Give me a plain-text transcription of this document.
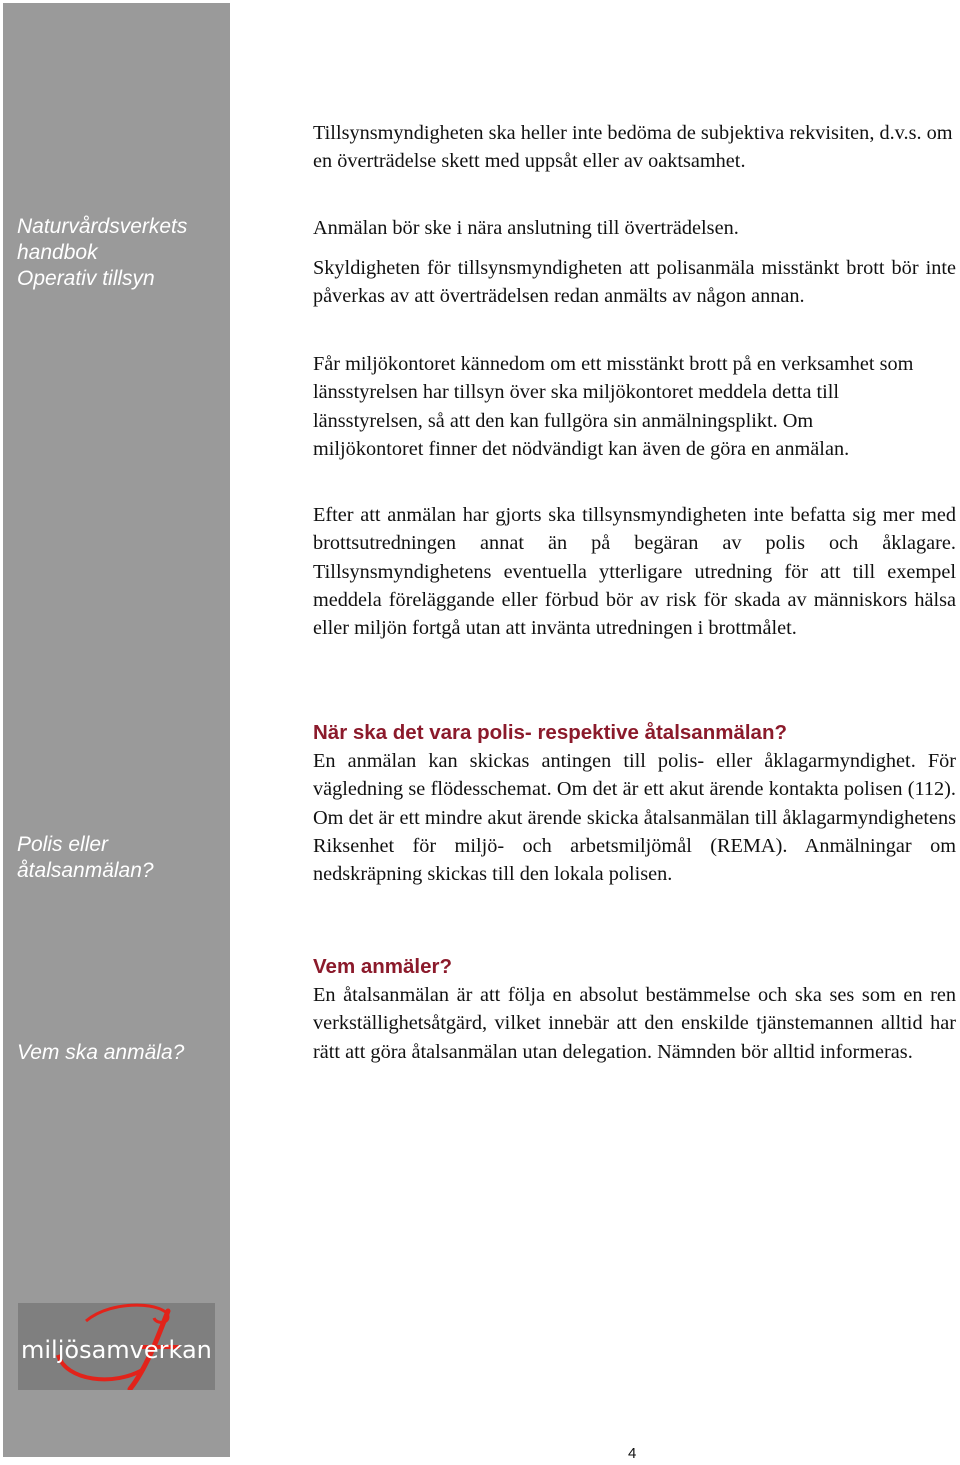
Naturvårdsverkets
handbok
Operativ tillsyn
Polis eller
åtalsanmälan?
Vem ska anmäla?
miljösamverkan

Tillsynsmyndigheten ska heller inte bedöma de subjektiva rekvisiten, d.v.s. om en överträdelse skett med uppsåt eller av oaktsamhet.

Anmälan bör ske i nära anslutning till överträdelsen.

Skyldigheten för tillsynsmyndigheten att polisanmäla misstänkt brott bör inte påverkas av att överträdelsen redan anmälts av någon annan.

Får miljökontoret kännedom om ett misstänkt brott på en verksamhet som länsstyrelsen har tillsyn över ska miljökontoret meddela detta till länsstyrelsen, så att den kan fullgöra sin anmälningsplikt. Om miljökontoret finner det nödvändigt kan även de göra en anmälan.

Efter att anmälan har gjorts ska tillsynsmyndigheten inte befatta sig mer med brottsutredningen annat än på begäran av polis och åklagare. Tillsynsmyndighetens eventuella ytterligare utredning för att till exempel meddela föreläggande eller förbud bör av risk för skada av människors hälsa eller miljön fortgå utan att invänta utredningen i brottmålet.

När ska det vara polis- respektive åtalsanmälan?

En anmälan kan skickas antingen till polis- eller åklagarmyndighet. För vägledning se flödesschemat. Om det är ett akut ärende kontakta polisen (112). Om det är ett mindre akut ärende skicka åtalsanmälan till åklagarmyndighetens Riksenhet för miljö- och arbetsmiljömål (REMA). Anmälningar om nedskräpning skickas till den lokala polisen.

Vem anmäler?

En åtalsanmälan är att följa en absolut bestämmelse och ska ses som en ren verkställighetsåtgärd, vilket innebär att den enskilde tjänstemannen alltid har rätt att göra åtalsanmälan utan delegation. Nämnden bör alltid informeras.

4
